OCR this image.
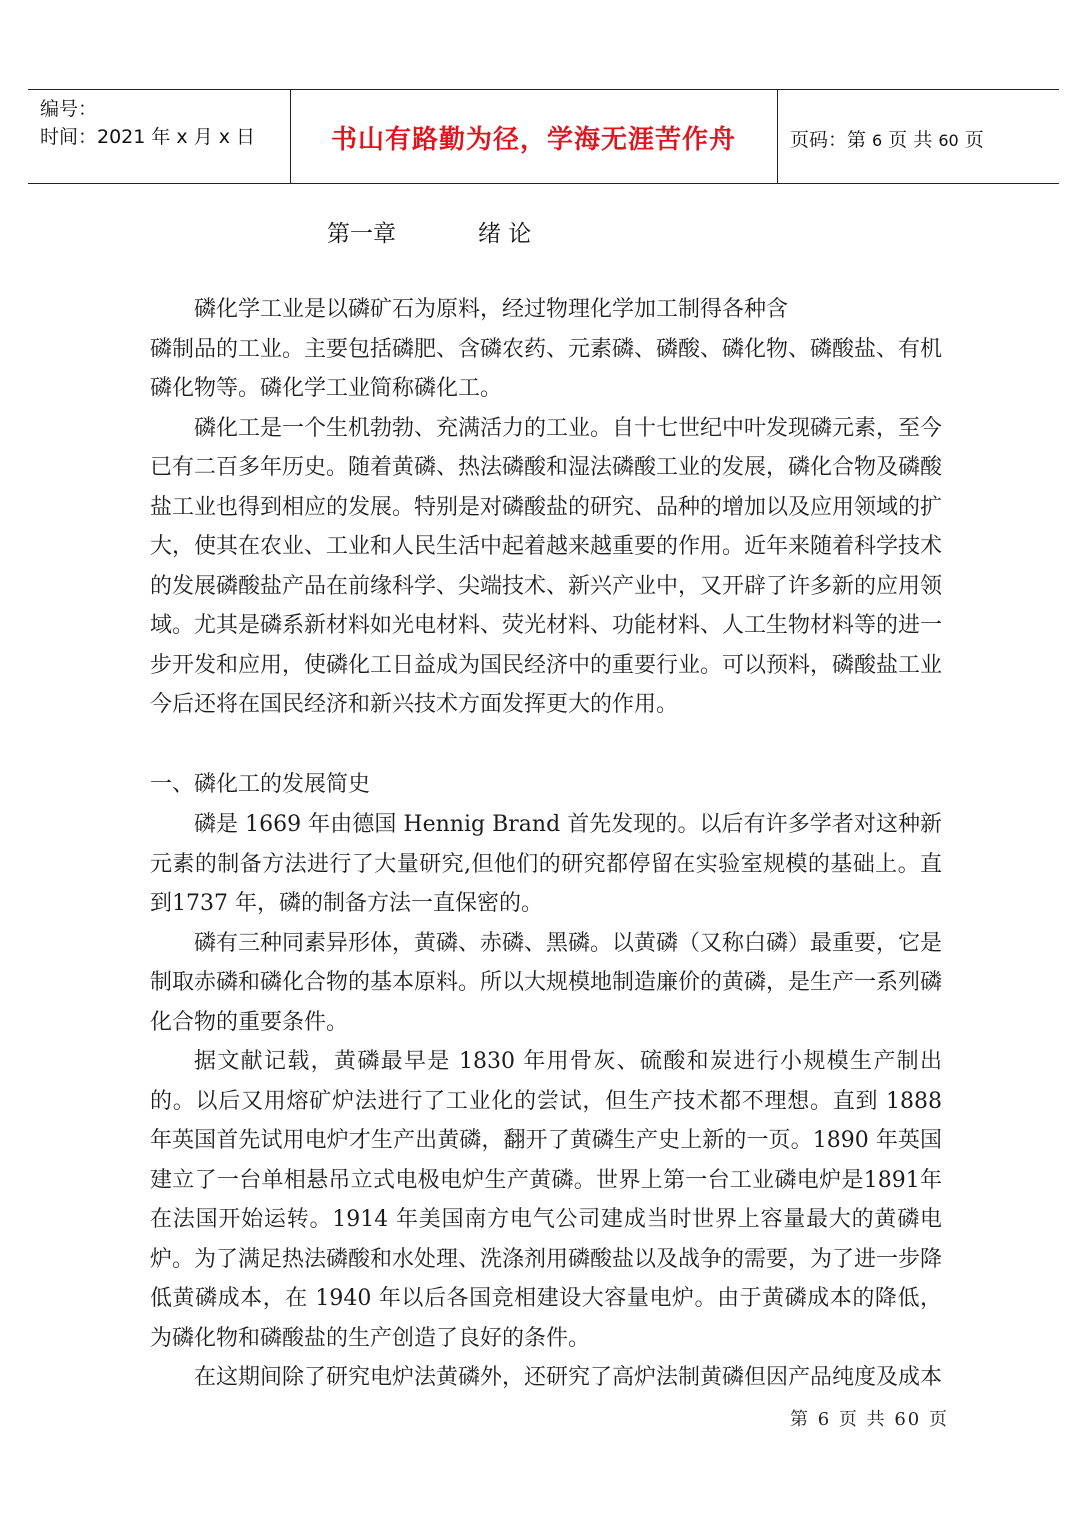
编号：
时间：2021 年 x 月 x 日	书山有路勤为径，学海无涯苦作舟	页码：第 6 页 共 60 页
第一章	绪 论

磷化学工业是以磷矿石为原料，经过物理化学加工制得各种含

磷制品的工业。主要包括磷肥、含磷农药、元素磷、磷酸、磷化物、磷酸盐、有机磷化物等。磷化学工业简称磷化工。

磷化工是一个生机勃勃、充满活力的工业。自十七世纪中叶发现磷元素，至今已有二百多年历史。随着黄磷、热法磷酸和湿法磷酸工业的发展，磷化合物及磷酸盐工业也得到相应的发展。特别是对磷酸盐的研究、品种的增加以及应用领域的扩大，使其在农业、工业和人民生活中起着越来越重要的作用。近年来随着科学技术的发展磷酸盐产品在前缘科学、尖端技术、新兴产业中，又开辟了许多新的应用领域。尤其是磷系新材料如光电材料、荧光材料、功能材料、人工生物材料等的进一步开发和应用，使磷化工日益成为国民经济中的重要行业。可以预料，磷酸盐工业今后还将在国民经济和新兴技术方面发挥更大的作用。

一、磷化工的发展简史

磷是 1669 年由德国 Hennig Brand 首先发现的。以后有许多学者对这种新元素的制备方法进行了大量研究,但他们的研究都停留在实验室规模的基础上。直到1737 年，磷的制备方法一直保密的。

磷有三种同素异形体，黄磷、赤磷、黑磷。以黄磷（又称白磷）最重要，它是制取赤磷和磷化合物的基本原料。所以大规模地制造廉价的黄磷，是生产一系列磷化合物的重要条件。

据文献记载，黄磷最早是 1830 年用骨灰、硫酸和炭进行小规模生产制出的。以后又用熔矿炉法进行了工业化的尝试，但生产技术都不理想。直到 1888 年英国首先试用电炉才生产出黄磷，翻开了黄磷生产史上新的一页。1890 年英国建立了一台单相悬吊立式电极电炉生产黄磷。世界上第一台工业磷电炉是1891年在法国开始运转。1914 年美国南方电气公司建成当时世界上容量最大的黄磷电炉。为了满足热法磷酸和水处理、洗涤剂用磷酸盐以及战争的需要，为了进一步降低黄磷成本，在 1940 年以后各国竞相建设大容量电炉。由于黄磷成本的降低，为磷化物和磷酸盐的生产创造了良好的条件。

在这期间除了研究电炉法黄磷外，还研究了高炉法制黄磷但因产品纯度及成本

第 6 页 共 60 页
